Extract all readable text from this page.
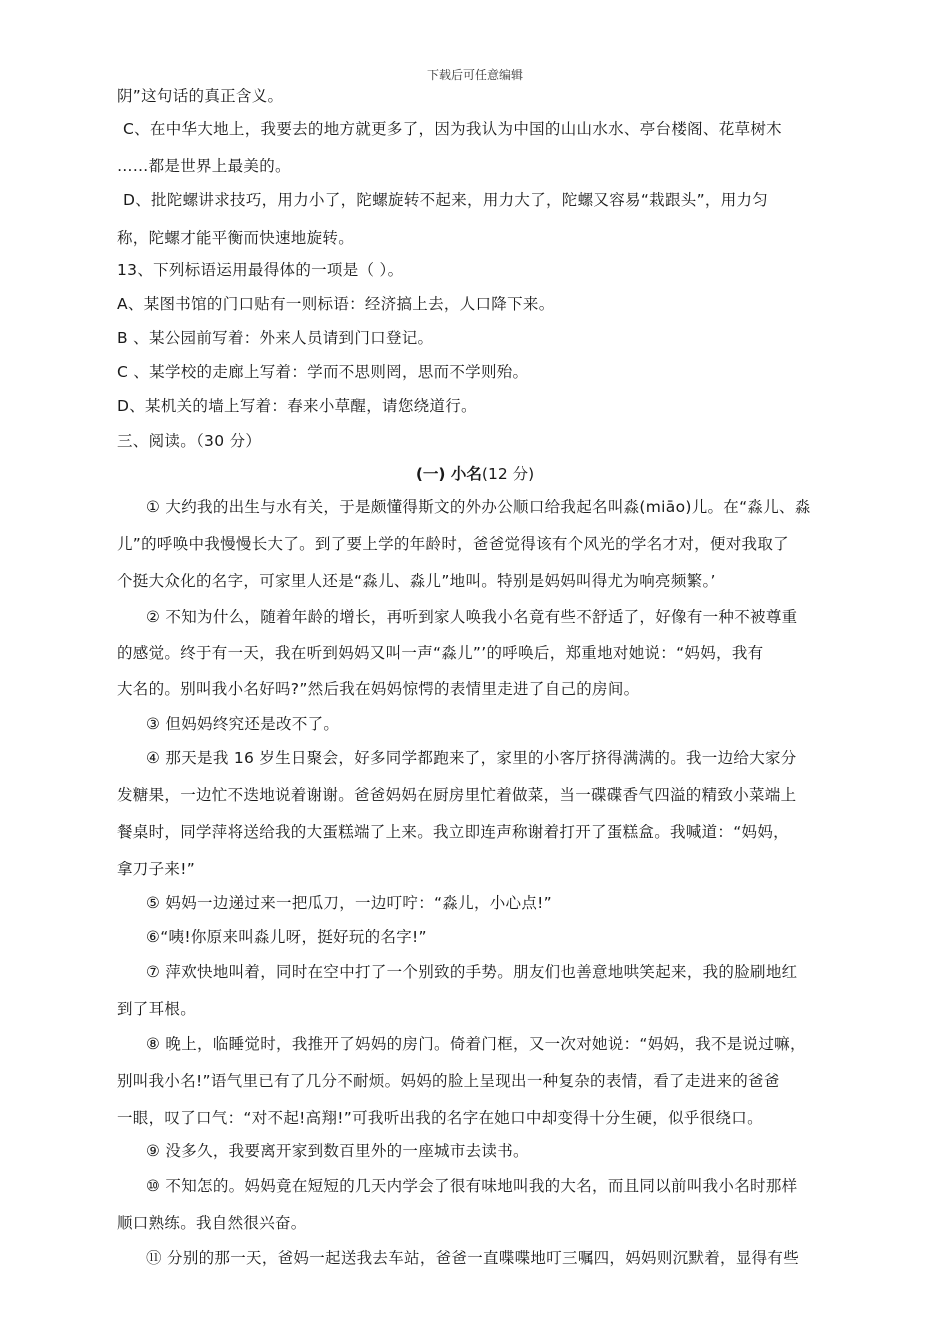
下载后可任意编辑
阴”这句话的真正含义。
C、在中华大地上，我要去的地方就更多了，因为我认为中国的山山水水、亭台楼阁、花草树木
……都是世界上最美的。
D、批陀螺讲求技巧，用力小了，陀螺旋转不起来，用力大了，陀螺又容易“栽跟头”，用力匀
称，陀螺才能平衡而快速地旋转。
13、下列标语运用最得体的一项是（ ）。
A、某图书馆的门口贴有一则标语：经济搞上去，人口降下来。
B 、某公园前写着：外来人员请到门口登记。
C 、某学校的走廊上写着：学而不思则罔，思而不学则殆。
D、某机关的墙上写着：春来小草醒，请您绕道行。
三、阅读。（30 分）
(一) 小名(12 分)
① 大约我的出生与水有关，于是颇懂得斯文的外办公顺口给我起名叫淼(miāo)儿。在“淼儿、淼
儿”的呼唤中我慢慢长大了。到了要上学的年龄时，爸爸觉得该有个风光的学名才对，便对我取了
个挺大众化的名字，可家里人还是“淼儿、淼儿”地叫。特别是妈妈叫得尤为响亮频繁。’
② 不知为什么，随着年龄的增长，再听到家人唤我小名竟有些不舒适了，好像有一种不被尊重
的感觉。终于有一天，我在听到妈妈又叫一声“淼儿”’的呼唤后，郑重地对她说：“妈妈，我有
大名的。别叫我小名好吗?”然后我在妈妈惊愕的表情里走进了自己的房间。
③ 但妈妈终究还是改不了。
④ 那天是我 16 岁生日聚会，好多同学都跑来了，家里的小客厅挤得满满的。我一边给大家分
发糖果，一边忙不迭地说着谢谢。爸爸妈妈在厨房里忙着做菜，当一碟碟香气四溢的精致小菜端上
餐桌时，同学萍将送给我的大蛋糕端了上来。我立即连声称谢着打开了蛋糕盒。我喊道：“妈妈，
拿刀子来!”
⑤ 妈妈一边递过来一把瓜刀，一边叮咛：“淼儿，小心点!”
⑥“咦!你原来叫淼儿呀，挺好玩的名字!”
⑦ 萍欢快地叫着，同时在空中打了一个别致的手势。朋友们也善意地哄笑起来，我的脸刷地红
到了耳根。
⑧ 晚上，临睡觉时，我推开了妈妈的房门。倚着门框，又一次对她说：“妈妈，我不是说过嘛，
别叫我小名!”语气里已有了几分不耐烦。妈妈的脸上呈现出一种复杂的表情，看了走进来的爸爸
一眼，叹了口气：“对不起!高翔!”可我听出我的名字在她口中却变得十分生硬，似乎很绕口。
⑨ 没多久，我要离开家到数百里外的一座城市去读书。
⑩ 不知怎的。妈妈竟在短短的几天内学会了很有味地叫我的大名，而且同以前叫我小名时那样
顺口熟练。我自然很兴奋。
⑪ 分别的那一天，爸妈一起送我去车站，爸爸一直喋喋地叮三嘱四，妈妈则沉默着，显得有些
